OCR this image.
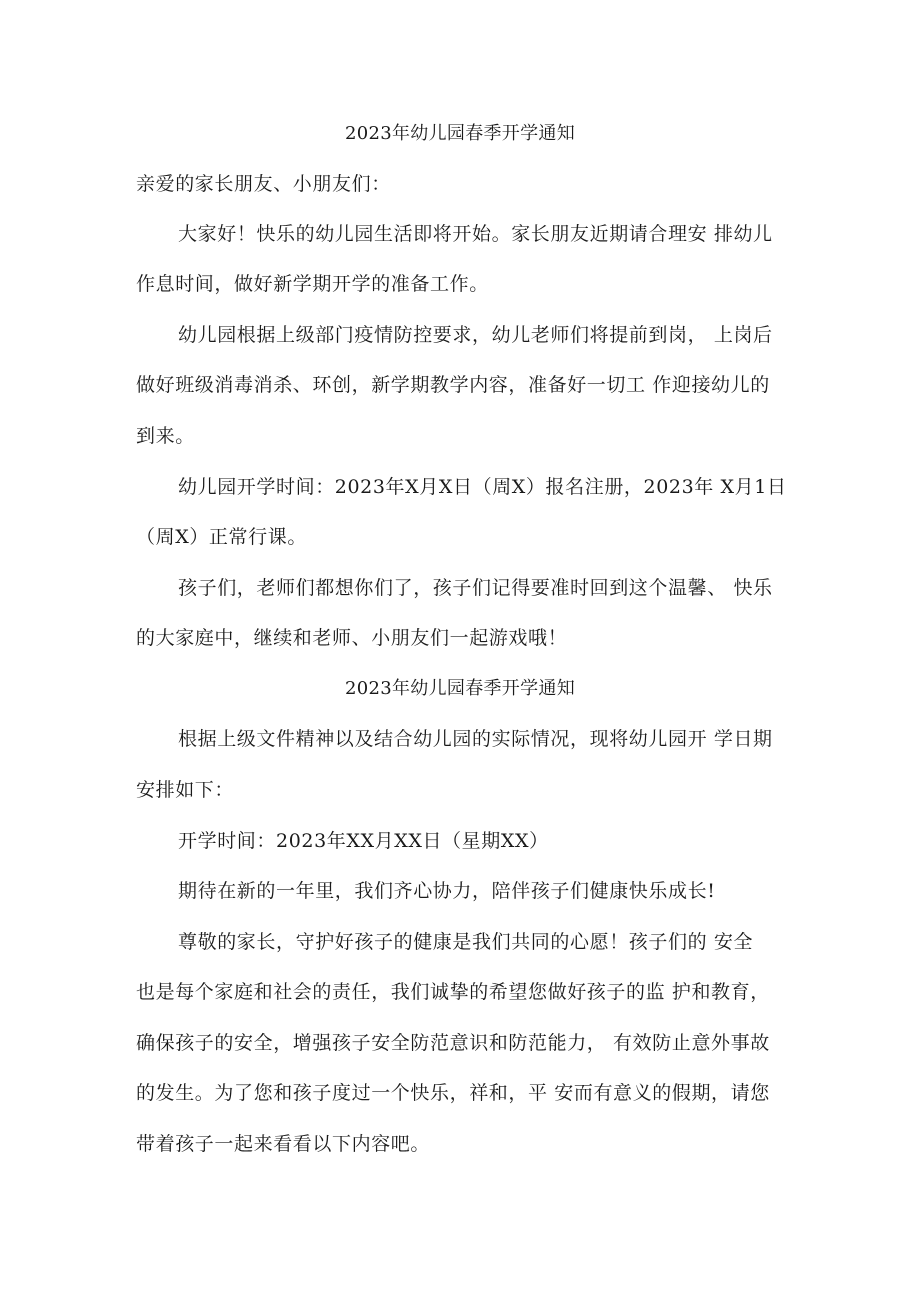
2023年幼儿园春季开学通知
亲爱的家长朋友、小朋友们：
大家好！快乐的幼儿园生活即将开始。家长朋友近期请合理安 排幼儿
作息时间，做好新学期开学的准备工作。
幼儿园根据上级部门疫情防控要求，幼儿老师们将提前到岗， 上岗后
做好班级消毒消杀、环创，新学期教学内容，准备好一切工 作迎接幼儿的
到来。
幼儿园开学时间：2023年X月X日（周X）报名注册，2023年 X月1日
（周X）正常行课。
孩子们，老师们都想你们了，孩子们记得要准时回到这个温馨、 快乐
的大家庭中，继续和老师、小朋友们一起游戏哦！
2023年幼儿园春季开学通知
根据上级文件精神以及结合幼儿园的实际情况，现将幼儿园开 学日期
安排如下：
开学时间：2023年XX月XX日（星期XX）
期待在新的一年里，我们齐心协力，陪伴孩子们健康快乐成长!
尊敬的家长，守护好孩子的健康是我们共同的心愿！孩子们的 安全
也是每个家庭和社会的责任，我们诚挚的希望您做好孩子的监 护和教育，
确保孩子的安全，增强孩子安全防范意识和防范能力， 有效防止意外事故
的发生。为了您和孩子度过一个快乐，祥和，平 安而有意义的假期，请您
带着孩子一起来看看以下内容吧。
